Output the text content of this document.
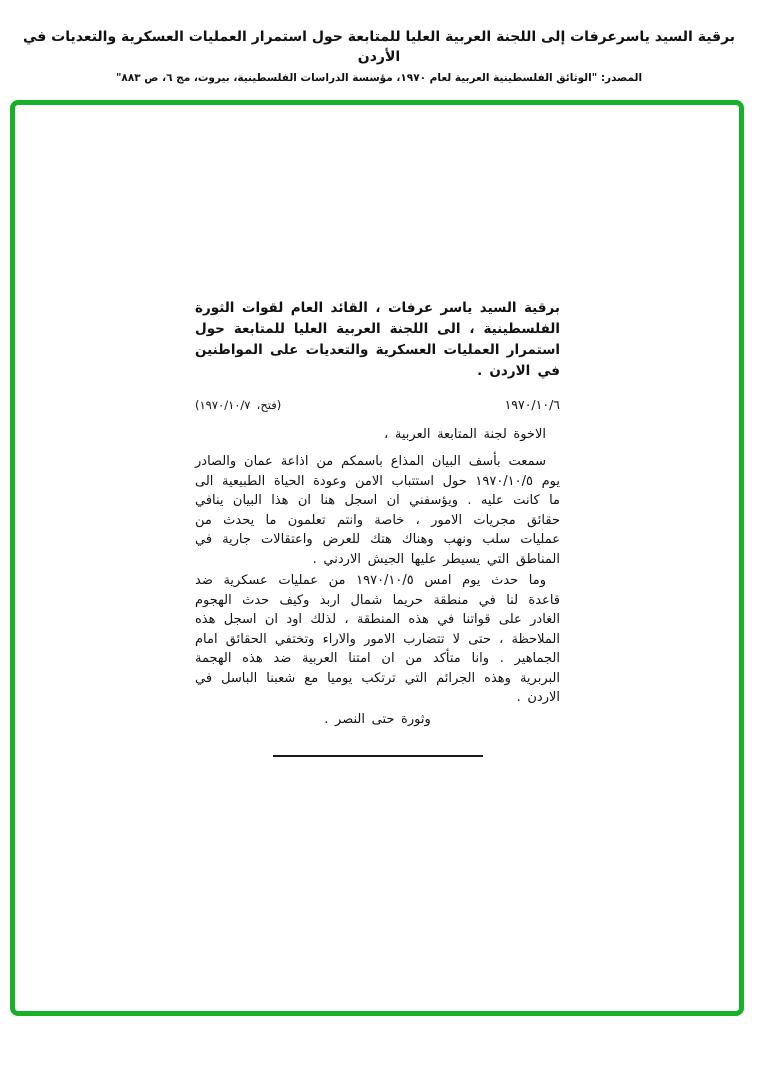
برقية السيد ياسرعرفات إلى اللجنة العربية العليا للمتابعة حول استمرار العمليات العسكرية والتعديات في الأردن
المصدر: "الوثائق الفلسطينية العربية لعام ١٩٧٠، مؤسسة الدراسات الفلسطينية، بيروت، مج ٦، ص ٨٨٣"

برقية السيد ياسر عرفات ، القائد العام لقوات الثورة الفلسطينية ، الى اللجنة العربية العليا للمتابعة حول استمرار العمليات العسكرية والتعديات على المواطنين في الاردن .

١٩٧٠/١٠/٦
(فتح، ١٩٧٠/١٠/٧)

الاخوة لجنة المتابعة العربية ،

سمعت بأسف البيان المذاع باسمكم من اذاعة عمان والصادر يوم ١٩٧٠/١٠/٥ حول استتباب الامن وعودة الحياة الطبيعية الى ما كانت عليه . ويؤسفني ان اسجل هنا ان هذا البيان ينافي حقائق مجريات الامور ، خاصة وانتم تعلمون ما يحدث من عمليات سلب ونهب وهناك هتك للعرض واعتقالات جارية في المناطق التي يسيطر عليها الجيش الاردني .

وما حدث يوم امس ١٩٧٠/١٠/٥ من عمليات عسكرية ضد قاعدة لنا في منطقة حريما شمال اربد وكيف حدث الهجوم الغادر على قواتنا في هذه المنطقة ، لذلك اود ان اسجل هذه الملاحظة ، حتى لا تتضارب الامور والاراء وتختفي الحقائق امام الجماهير . وانا متأكد من ان امتنا العربية ضد هذه الهجمة البربرية وهذه الجرائم التي ترتكب يوميا مع شعبنا الباسل في الاردن .

وثورة حتى النصر .
